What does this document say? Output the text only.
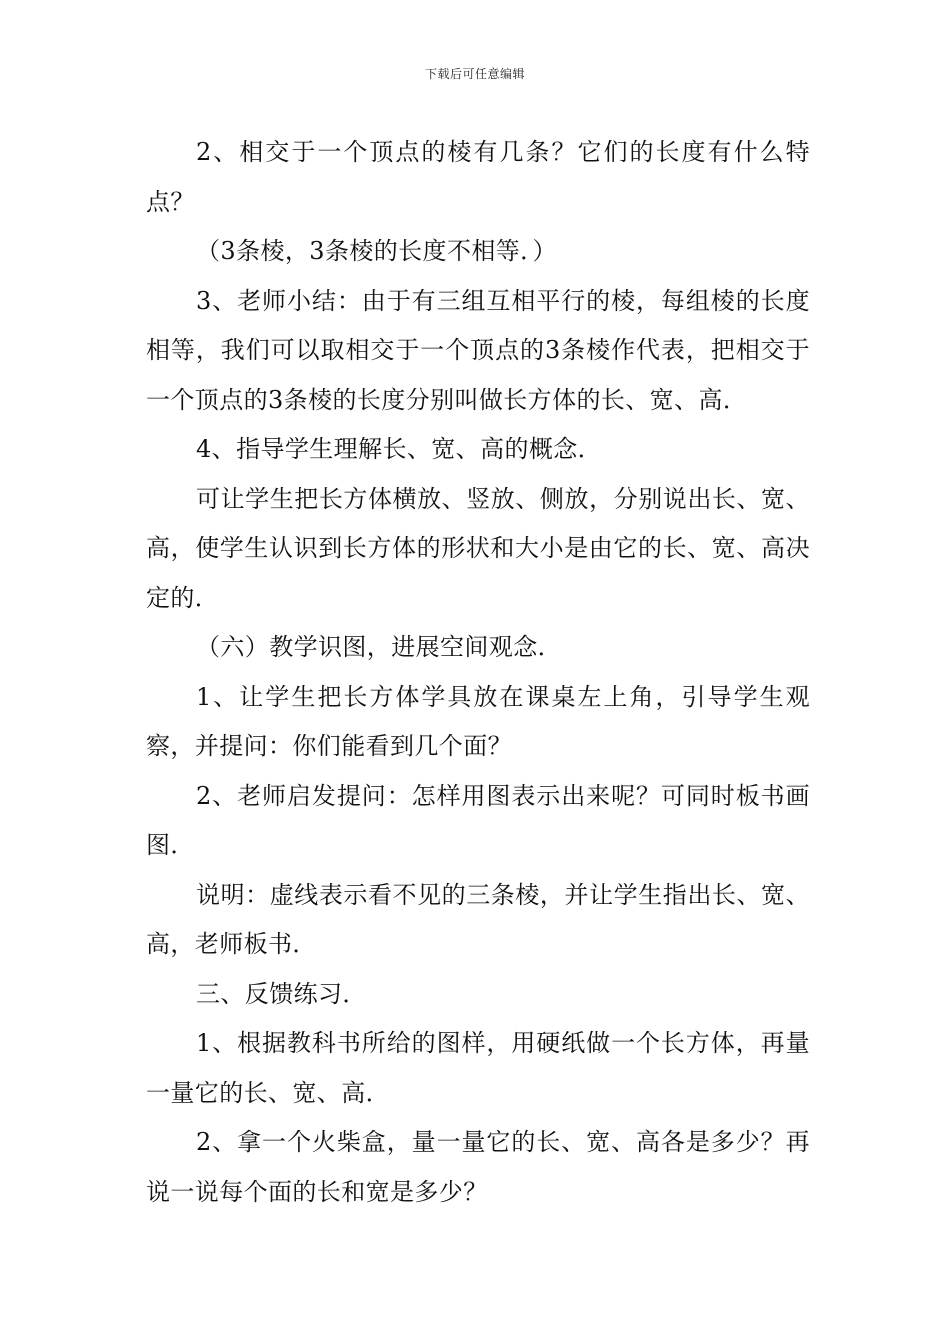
下载后可任意编辑

2、相交于一个顶点的棱有几条？它们的长度有什么特点？

（3条棱，3条棱的长度不相等．）

3、老师小结：由于有三组互相平行的棱，每组棱的长度相等，我们可以取相交于一个顶点的3条棱作代表，把相交于一个顶点的3条棱的长度分别叫做长方体的长、宽、高．

4、指导学生理解长、宽、高的概念．

可让学生把长方体横放、竖放、侧放，分别说出长、宽、高，使学生认识到长方体的形状和大小是由它的长、宽、高决定的．

（六）教学识图，进展空间观念．

1、让学生把长方体学具放在课桌左上角，引导学生观察，并提问：你们能看到几个面？

2、老师启发提问：怎样用图表示出来呢？可同时板书画图．

说明：虚线表示看不见的三条棱，并让学生指出长、宽、高，老师板书．

三、反馈练习．

1、根据教科书所给的图样，用硬纸做一个长方体，再量一量它的长、宽、高．

2、拿一个火柴盒，量一量它的长、宽、高各是多少？再说一说每个面的长和宽是多少？
